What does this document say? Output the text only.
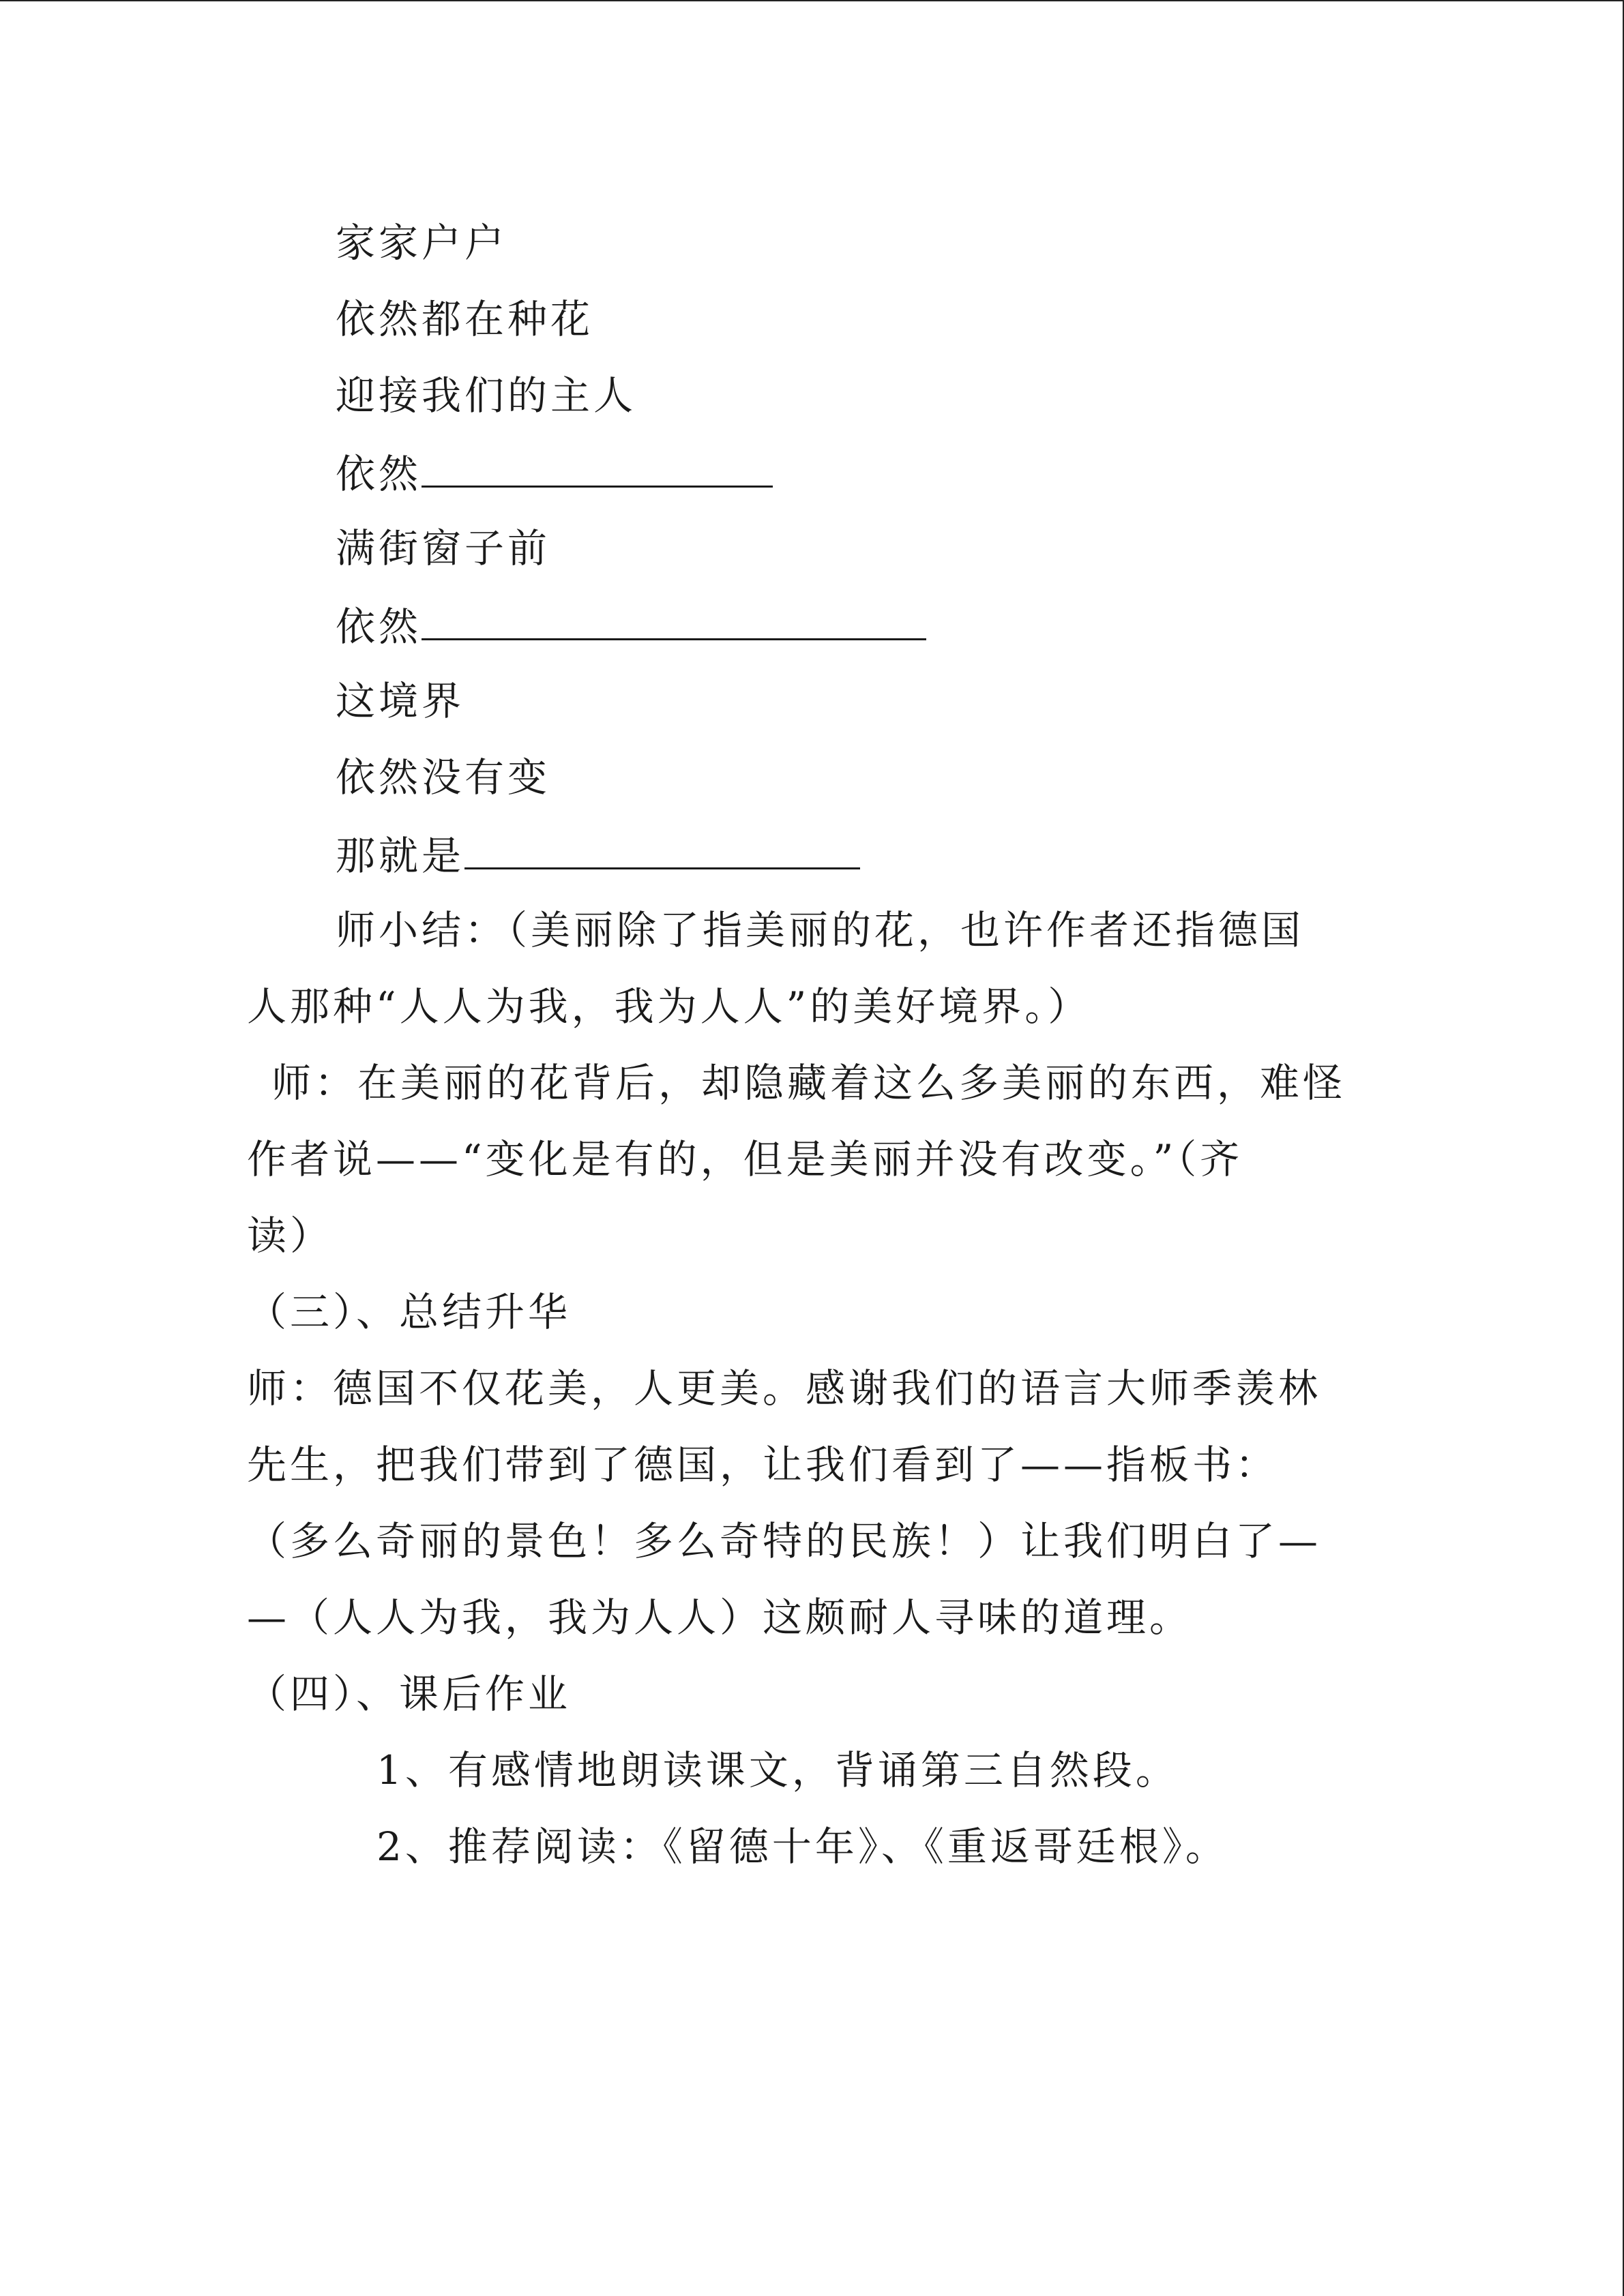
家家户户
依然都在种花
迎接我们的主人
依然
满街窗子前
依然
这境界
依然没有变
那就是
师小结：（美丽除了指美丽的花，也许作者还指德国
人那种“人人为我，我为人人”的美好境界。）
师：在美丽的花背后，却隐藏着这么多美丽的东西，难怪
作者说——“变化是有的，但是美丽并没有改变。”（齐
读）
（三）、总结升华
师：德国不仅花美，人更美。感谢我们的语言大师季羡林
先生，把我们带到了德国，让我们看到了——指板书：
（多么奇丽的景色！多么奇特的民族！）让我们明白了—
—（人人为我，我为人人）这颇耐人寻味的道理。
（四）、课后作业
1、有感情地朗读课文，背诵第三自然段。
2、推荐阅读：《留德十年》、《重返哥廷根》。
